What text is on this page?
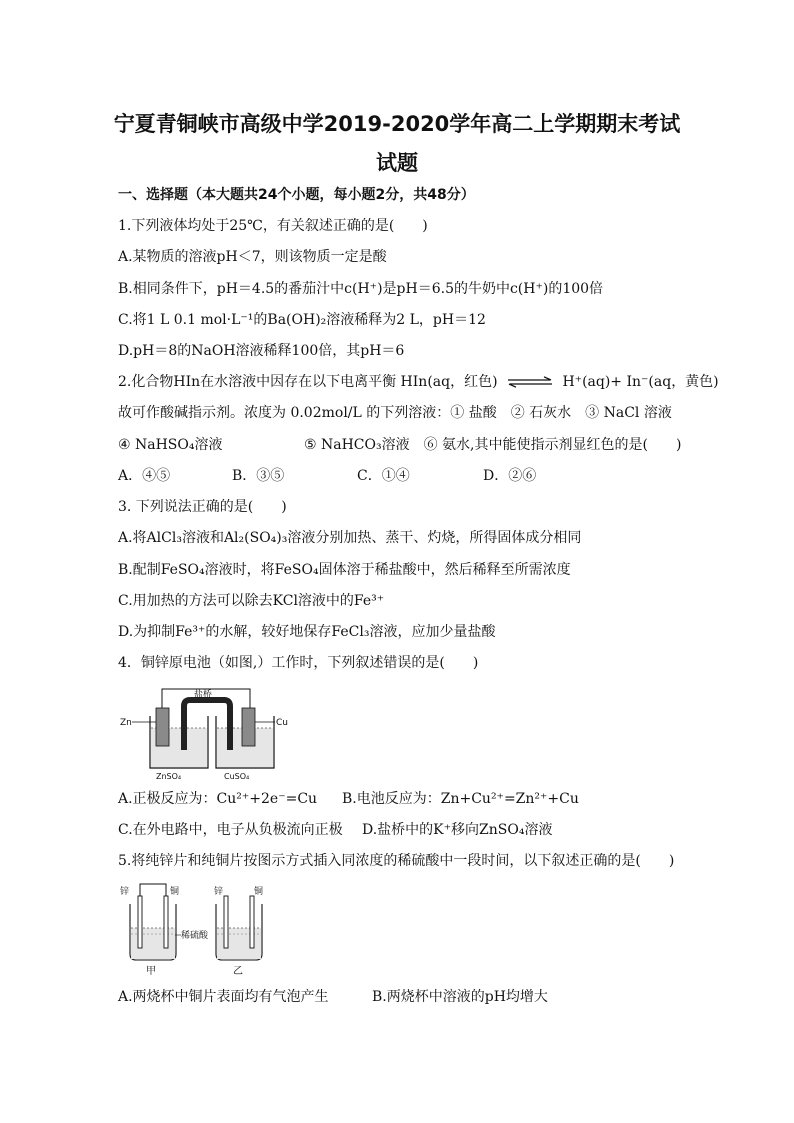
宁夏青铜峡市高级中学2019-2020学年高二上学期期末考试
试题
一、选择题（本大题共24个小题，每小题2分，共48分）
1.下列液体均处于25℃，有关叙述正确的是(　　)
A.某物质的溶液pH＜7，则该物质一定是酸
B.相同条件下，pH＝4.5的番茄汁中c(H⁺)是pH＝6.5的牛奶中c(H⁺)的100倍
C.将1 L 0.1 mol·L⁻¹的Ba(OH)₂溶液稀释为2 L，pH＝12
D.pH＝8的NaOH溶液稀释100倍，其pH＝6
2.化合物HIn在水溶液中因存在以下电离平衡 HIn(aq，红色) ⇌ H⁺(aq)+ In⁻(aq，黄色)
故可作酸碱指示剂。浓度为 0.02mol/L 的下列溶液：① 盐酸　② 石灰水　③ NaCl 溶液
④ NaHSO₄溶液	⑤ NaHCO₃溶液　⑥ 氨水,其中能使指示剂显红色的是(　　)
A．④⑤	B．③⑤	C．①④	D．②⑥
3. 下列说法正确的是(　　)
A.将AlCl₃溶液和Al₂(SO₄)₃溶液分别加热、蒸干、灼烧，所得固体成分相同
B.配制FeSO₄溶液时，将FeSO₄固体溶于稀盐酸中，然后稀释至所需浓度
C.用加热的方法可以除去KCl溶液中的Fe³⁺
D.为抑制Fe³⁺的水解，较好地保存FeCl₃溶液，应加少量盐酸
4．铜锌原电池（如图,）工作时，下列叙述错误的是(　　)
Zn	Cu
盐桥
ZnSO₄	CuSO₄
A.正极反应为：Cu²⁺+2e⁻=Cu B.电池反应为：Zn+Cu²⁺=Zn²⁺+Cu
C.在外电路中，电子从负极流向正极 D.盐桥中的K⁺移向ZnSO₄溶液
5.将纯锌片和纯铜片按图示方式插入同浓度的稀硫酸中一段时间，以下叙述正确的是(　　)
锌	铜	锌	铜
稀硫酸
甲	乙
A.两烧杯中铜片表面均有气泡产生	B.两烧杯中溶液的pH均增大
